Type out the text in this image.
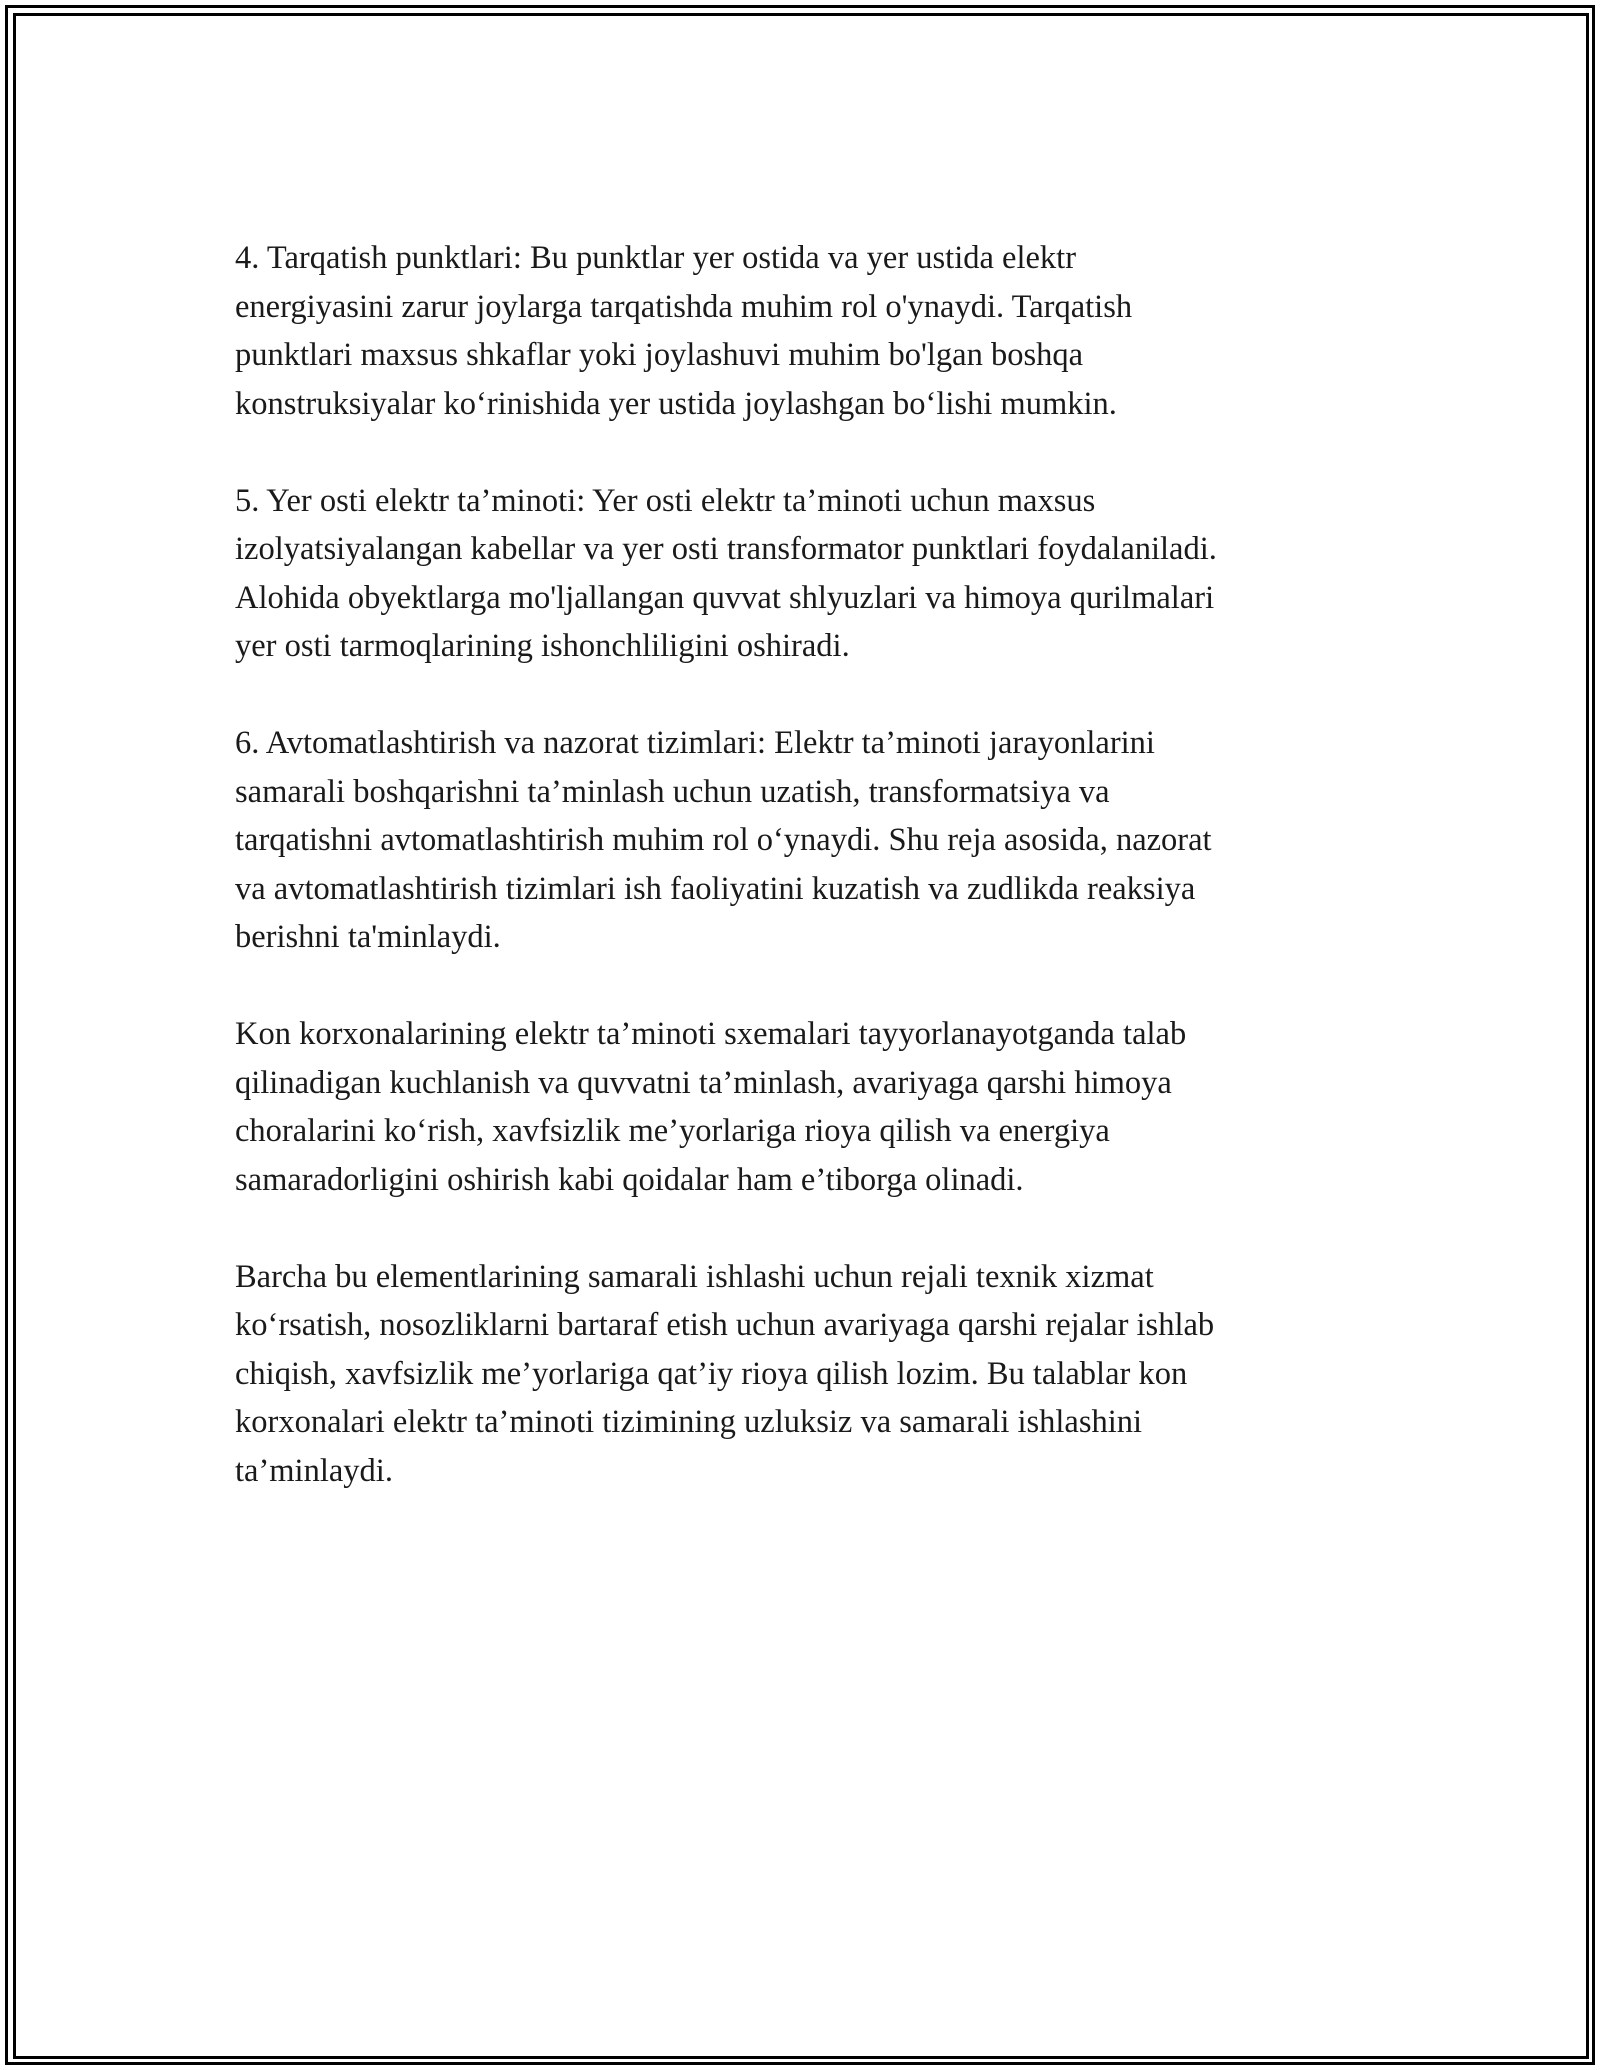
4. Tarqatish punktlari: Bu punktlar yer ostida va yer ustida elektr
energiyasini zarur joylarga tarqatishda muhim rol o'ynaydi. Tarqatish
punktlari maxsus shkaflar yoki joylashuvi muhim bo'lgan boshqa
konstruksiyalar ko‘rinishida yer ustida joylashgan bo‘lishi mumkin.

5. Yer osti elektr ta’minoti: Yer osti elektr ta’minoti uchun maxsus
izolyatsiyalangan kabellar va yer osti transformator punktlari foydalaniladi.
Alohida obyektlarga mo'ljallangan quvvat shlyuzlari va himoya qurilmalari
yer osti tarmoqlarining ishonchliligini oshiradi.

6. Avtomatlashtirish va nazorat tizimlari: Elektr ta’minoti jarayonlarini
samarali boshqarishni ta’minlash uchun uzatish, transformatsiya va
tarqatishni avtomatlashtirish muhim rol o‘ynaydi. Shu reja asosida, nazorat
va avtomatlashtirish tizimlari ish faoliyatini kuzatish va zudlikda reaksiya
berishni ta'minlaydi.

Kon korxonalarining elektr ta’minoti sxemalari tayyorlanayotganda talab
qilinadigan kuchlanish va quvvatni ta’minlash, avariyaga qarshi himoya
choralarini ko‘rish, xavfsizlik me’yorlariga rioya qilish va energiya
samaradorligini oshirish kabi qoidalar ham e’tiborga olinadi.

Barcha bu elementlarining samarali ishlashi uchun rejali texnik xizmat
ko‘rsatish, nosozliklarni bartaraf etish uchun avariyaga qarshi rejalar ishlab
chiqish, xavfsizlik me’yorlariga qat’iy rioya qilish lozim. Bu talablar kon
korxonalari elektr ta’minoti tizimining uzluksiz va samarali ishlashini
ta’minlaydi.
